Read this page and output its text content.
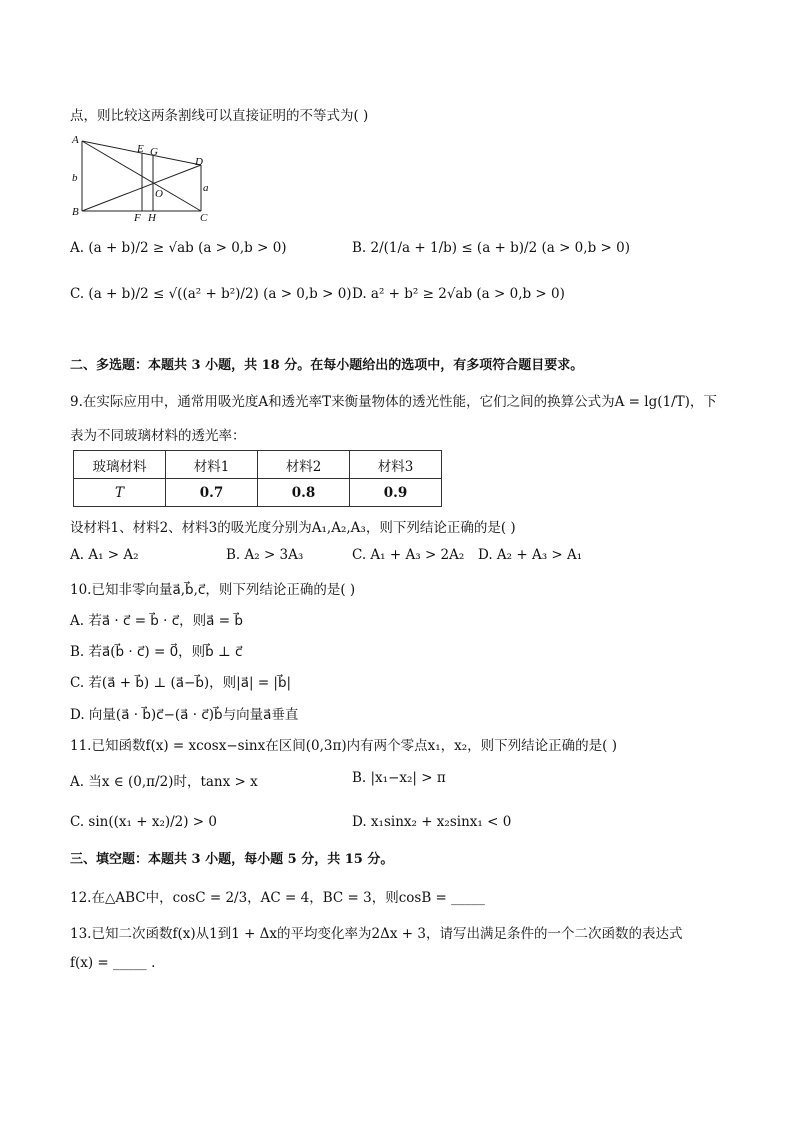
点，则比较这两条割线可以直接证明的不等式为( )
A
B	C
D
E G
F H
O
b
a
A. (a + b)/2 ≥ √ab (a > 0,b > 0)	B. 2/(1/a + 1/b) ≤ (a + b)/2 (a > 0,b > 0)
C. (a + b)/2 ≤ √((a² + b²)/2) (a > 0,b > 0) D. a² + b² ≥ 2√ab (a > 0,b > 0)
二、多选题：本题共 3 小题，共 18 分。在每小题给出的选项中，有多项符合题目要求。
9.在实际应用中，通常用吸光度A和透光率T来衡量物体的透光性能，它们之间的换算公式为A = lg(1/T)，下
表为不同玻璃材料的透光率：
玻璃材料	材料1	材料2	材料3
T	0.7	0.8	0.9
设材料1、材料2、材料3的吸光度分别为A₁,A₂,A₃，则下列结论正确的是( )
A. A₁ > A₂	B. A₂ > 3A₃	C. A₁ + A₃ > 2A₂ D. A₂ + A₃ > A₁
10.已知非零向量a⃗,b⃗,c⃗，则下列结论正确的是( )
A. 若a⃗ · c⃗ = b⃗ · c⃗，则a⃗ = b⃗
B. 若a⃗(b⃗ · c⃗) = 0⃗，则b⃗ ⊥ c⃗
C. 若(a⃗ + b⃗) ⊥ (a⃗−b⃗)，则|a⃗| = |b⃗|
D. 向量(a⃗ · b⃗)c⃗−(a⃗ · c⃗)b⃗与向量a⃗垂直
11.已知函数f(x) = xcosx−sinx在区间(0,3π)内有两个零点x₁，x₂，则下列结论正确的是( )
A. 当x ∈ (0,π/2)时，tanx > x	B. |x₁−x₂| > π
C. sin((x₁ + x₂)/2) > 0	D. x₁sinx₂ + x₂sinx₁ < 0
三、填空题：本题共 3 小题，每小题 5 分，共 15 分。
12.在△ABC中，cosC = 2/3，AC = 4，BC = 3，则cosB = _____
13.已知二次函数f(x)从1到1 + Δx的平均变化率为2Δx + 3，请写出满足条件的一个二次函数的表达式
f(x) = _____ .
